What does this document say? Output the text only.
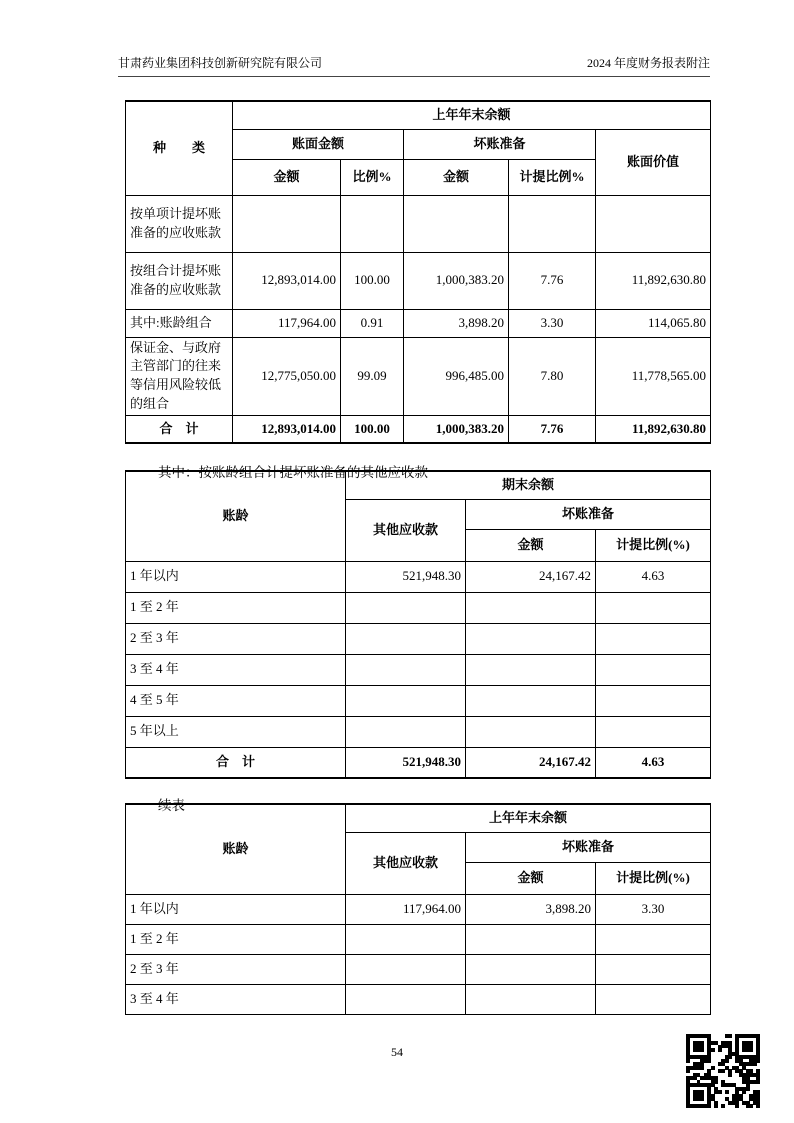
甘肃药业集团科技创新研究院有限公司	2024 年度财务报表附注
种　　类	上年年末余额				
	账面金额		坏账准备		账面价值
	金额	比例%	金额	计提比例%	
按单项计提坏账准备的应收账款					
按组合计提坏账准备的应收账款	12,893,014.00	100.00	1,000,383.20	7.76	11,892,630.80
其中:账龄组合	117,964.00	0.91	3,898.20	3.30	114,065.80
保证金、与政府主管部门的往来等信用风险较低的组合	12,775,050.00	99.09	996,485.00	7.80	11,778,565.00
合　计	12,893,014.00	100.00	1,000,383.20	7.76	11,892,630.80

其中：按账龄组合计提坏账准备的其他应收款

账龄	期末余额		
	其他应收款	坏账准备	
		金额	计提比例(%)
1 年以内	521,948.30	24,167.42	4.63
1 至 2 年			
2 至 3 年			
3 至 4 年			
4 至 5 年			
5 年以上			
合　计	521,948.30	24,167.42	4.63

续表

账龄	上年年末余额		
	其他应收款	坏账准备	
		金额	计提比例(%)
1 年以内	117,964.00	3,898.20	3.30
1 至 2 年			
2 至 3 年			
3 至 4 年			
54
